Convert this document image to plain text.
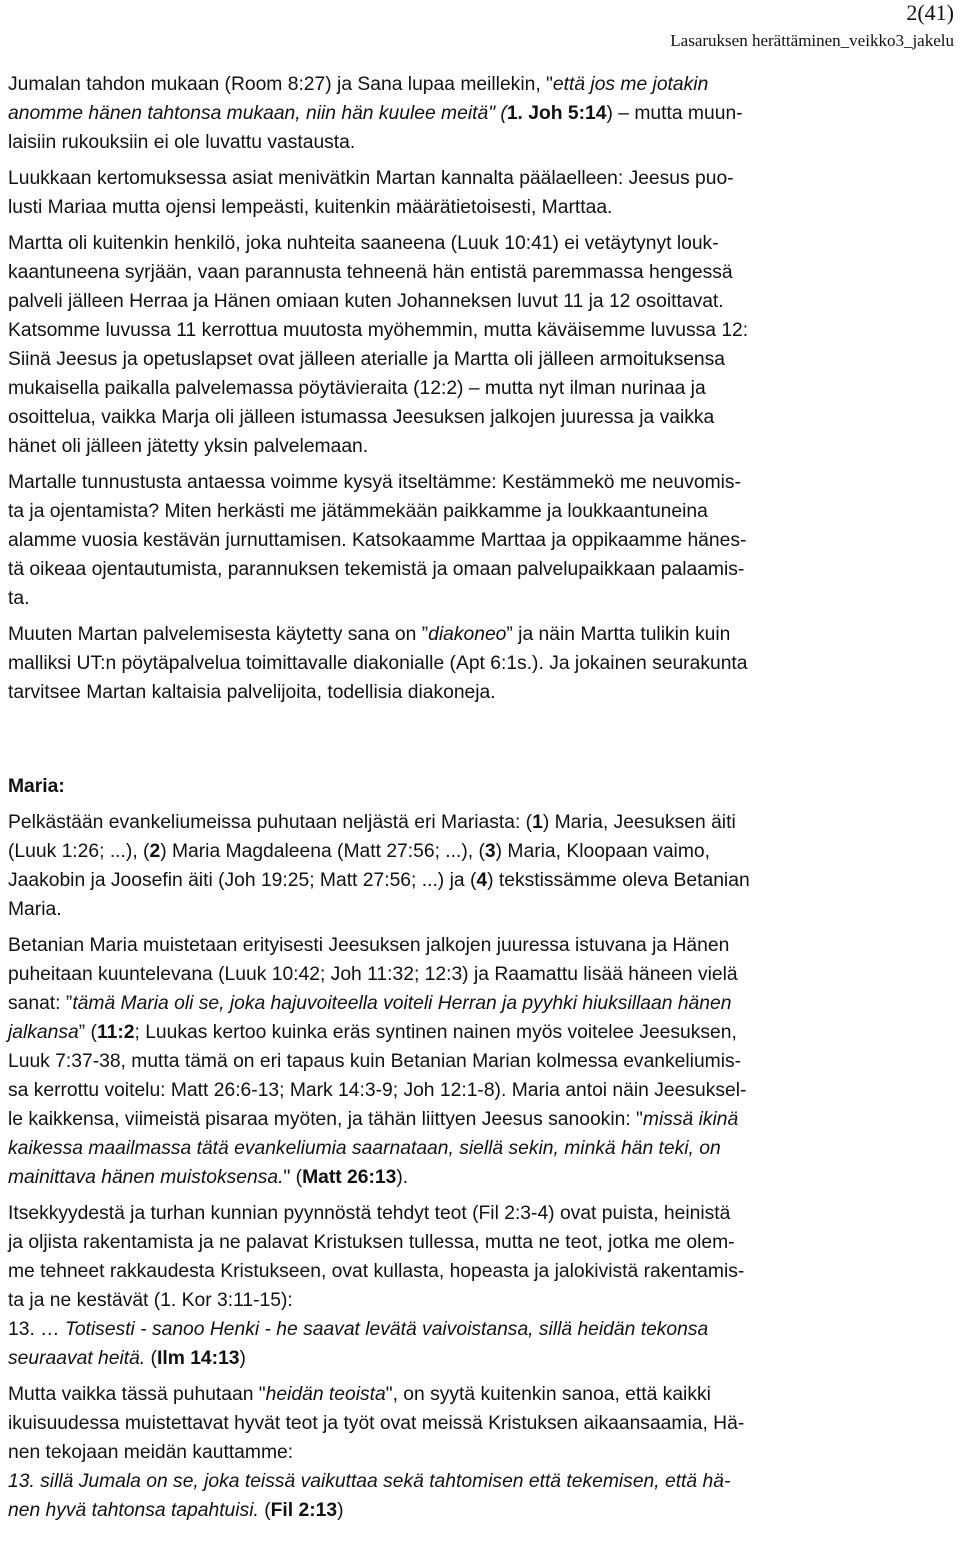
2(41)
Lasaruksen herättäminen_veikko3_jakelu
Jumalan tahdon mukaan (Room 8:27) ja Sana lupaa meillekin, "että jos me jotakin
anomme hänen tahtonsa mukaan, niin hän kuulee meitä" (1. Joh 5:14) – mutta muun-
laisiin rukouksiin ei ole luvattu vastausta.
Luukkaan kertomuksessa asiat menivätkin Martan kannalta päälaelleen: Jeesus puo-
lusti Mariaa mutta ojensi lempeästi, kuitenkin määrätietoisesti, Marttaa.
Martta oli kuitenkin henkilö, joka nuhteita saaneena (Luuk 10:41) ei vetäytynyt louk-
kaantuneena syrjään, vaan parannusta tehneenä hän entistä paremmassa hengessä
palveli jälleen Herraa ja Hänen omiaan kuten Johanneksen luvut 11 ja 12 osoittavat.
Katsomme luvussa 11 kerrottua muutosta myöhemmin, mutta käväisemme luvussa 12:
Siinä Jeesus ja opetuslapset ovat jälleen aterialle ja Martta oli jälleen armoituksensa
mukaisella paikalla palvelemassa pöytävieraita (12:2) – mutta nyt ilman nurinaa ja
osoittelua, vaikka Marja oli jälleen istumassa Jeesuksen jalkojen juuressa ja vaikka
hänet oli jälleen jätetty yksin palvelemaan.
Martalle tunnustusta antaessa voimme kysyä itseltämme: Kestämmekö me neuvomis-
ta ja ojentamista? Miten herkästi me jätämmekään paikkamme ja loukkaantuneina
alamme vuosia kestävän jurnuttamisen. Katsokaamme Marttaa ja oppikaamme hänes-
tä oikeaa ojentautumista, parannuksen tekemistä ja omaan palvelupaikkaan palaamis-
ta.
Muuten Martan palvelemisesta käytetty sana on ”diakoneo” ja näin Martta tulikin kuin
malliksi UT:n pöytäpalvelua toimittavalle diakonialle (Apt 6:1s.). Ja jokainen seurakunta
tarvitsee Martan kaltaisia palvelijoita, todellisia diakoneja.
Maria:
Pelkästään evankeliumeissa puhutaan neljästä eri Mariasta: (1) Maria, Jeesuksen äiti
(Luuk 1:26; ...), (2) Maria Magdaleena (Matt 27:56; ...), (3) Maria, Kloopaan vaimo,
Jaakobin ja Joosefin äiti (Joh 19:25; Matt 27:56; ...) ja (4) tekstissämme oleva Betanian
Maria.
Betanian Maria muistetaan erityisesti Jeesuksen jalkojen juuressa istuvana ja Hänen
puheitaan kuuntelevana (Luuk 10:42; Joh 11:32; 12:3) ja Raamattu lisää häneen vielä
sanat: ”tämä Maria oli se, joka hajuvoiteella voiteli Herran ja pyyhki hiuksillaan hänen
jalkansa” (11:2; Luukas kertoo kuinka eräs syntinen nainen myös voitelee Jeesuksen,
Luuk 7:37-38, mutta tämä on eri tapaus kuin Betanian Marian kolmessa evankeliumis-
sa kerrottu voitelu: Matt 26:6-13; Mark 14:3-9; Joh 12:1-8). Maria antoi näin Jeesuksel-
le kaikkensa, viimeistä pisaraa myöten, ja tähän liittyen Jeesus sanookin: "missä ikinä
kaikessa maailmassa tätä evankeliumia saarnataan, siellä sekin, minkä hän teki, on
mainittava hänen muistoksensa." (Matt 26:13).
Itsekkyydestä ja turhan kunnian pyynnöstä tehdyt teot (Fil 2:3-4) ovat puista, heinistä
ja oljista rakentamista ja ne palavat Kristuksen tullessa, mutta ne teot, jotka me olem-
me tehneet rakkaudesta Kristukseen, ovat kullasta, hopeasta ja jalokivistä rakentamis-
ta ja ne kestävät (1. Kor 3:11-15):
13. … Totisesti - sanoo Henki - he saavat levätä vaivoistansa, sillä heidän tekonsa
seuraavat heitä. (Ilm 14:13)
Mutta vaikka tässä puhutaan "heidän teoista", on syytä kuitenkin sanoa, että kaikki
ikuisuudessa muistettavat hyvät teot ja työt ovat meissä Kristuksen aikaansaamia, Hä-
nen tekojaan meidän kauttamme:
13. sillä Jumala on se, joka teissä vaikuttaa sekä tahtomisen että tekemisen, että hä-
nen hyvä tahtonsa tapahtuisi. (Fil 2:13)
